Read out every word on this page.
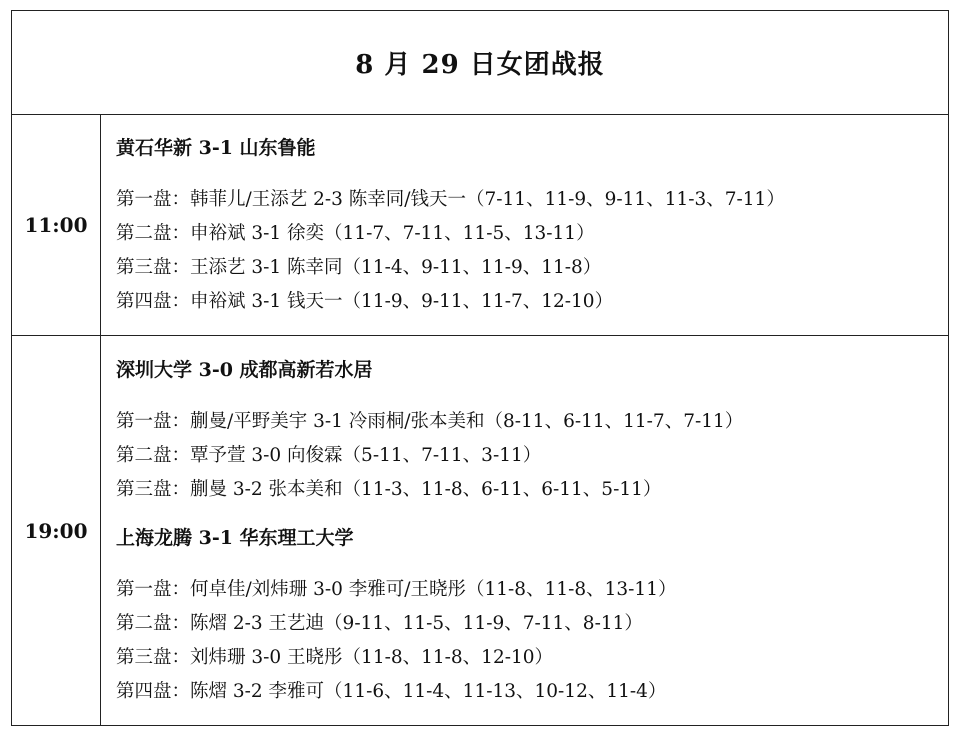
8 月 29 日女团战报
11:00
黄石华新 3-1 山东鲁能
第一盘：韩菲儿/王添艺 2-3 陈幸同/钱天一（7-11、11-9、9-11、11-3、7-11）
第二盘：申裕斌 3-1 徐奕（11-7、7-11、11-5、13-11）
第三盘：王添艺 3-1 陈幸同（11-4、9-11、11-9、11-8）
第四盘：申裕斌 3-1 钱天一（11-9、9-11、11-7、12-10）
19:00
深圳大学 3-0 成都高新若水居
第一盘：蒯曼/平野美宇 3-1 冷雨桐/张本美和（8-11、6-11、11-7、7-11）
第二盘：覃予萱 3-0 向俊霖（5-11、7-11、3-11）
第三盘：蒯曼 3-2 张本美和（11-3、11-8、6-11、6-11、5-11）
上海龙腾 3-1 华东理工大学
第一盘：何卓佳/刘炜珊 3-0 李雅可/王晓彤（11-8、11-8、13-11）
第二盘：陈熠 2-3 王艺迪（9-11、11-5、11-9、7-11、8-11）
第三盘：刘炜珊 3-0 王晓彤（11-8、11-8、12-10）
第四盘：陈熠 3-2 李雅可（11-6、11-4、11-13、10-12、11-4）
